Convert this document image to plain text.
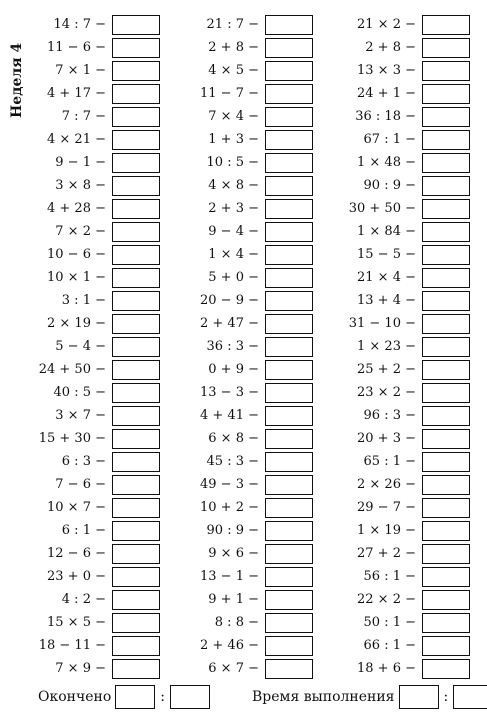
Неделя 4
14 : 7 −
11 − 6 −
7 × 1 −
4 + 17 −
7 : 7 −
4 × 21 −
9 − 1 −
3 × 8 −
4 + 28 −
7 × 2 −
10 − 6 −
10 × 1 −
3 : 1 −
2 × 19 −
5 − 4 −
24 + 50 −
40 : 5 −
3 × 7 −
15 + 30 −
6 : 3 −
7 − 6 −
10 × 7 −
6 : 1 −
12 − 6 −
23 + 0 −
4 : 2 −
15 × 5 −
18 − 11 −
7 × 9 −
21 : 7 −
2 + 8 −
4 × 5 −
11 − 7 −
7 × 4 −
1 + 3 −
10 : 5 −
4 × 8 −
2 + 3 −
9 − 4 −
1 × 4 −
5 + 0 −
20 − 9 −
2 + 47 −
36 : 3 −
0 + 9 −
13 − 3 −
4 + 41 −
6 × 8 −
45 : 3 −
49 − 3 −
10 + 2 −
90 : 9 −
9 × 6 −
13 − 1 −
9 + 1 −
8 : 8 −
2 + 46 −
6 × 7 −
21 × 2 −
2 + 8 −
13 × 3 −
24 + 1 −
36 : 18 −
67 : 1 −
1 × 48 −
90 : 9 −
30 + 50 −
1 × 84 −
15 − 5 −
21 × 4 −
13 + 4 −
31 − 10 −
1 × 23 −
25 + 2 −
23 × 2 −
96 : 3 −
20 + 3 −
65 : 1 −
2 × 26 −
29 − 7 −
1 × 19 −
27 + 2 −
56 : 1 −
22 × 2 −
50 : 1 −
66 : 1 −
18 + 6 −
Окончено	:	Время выполнения	:
